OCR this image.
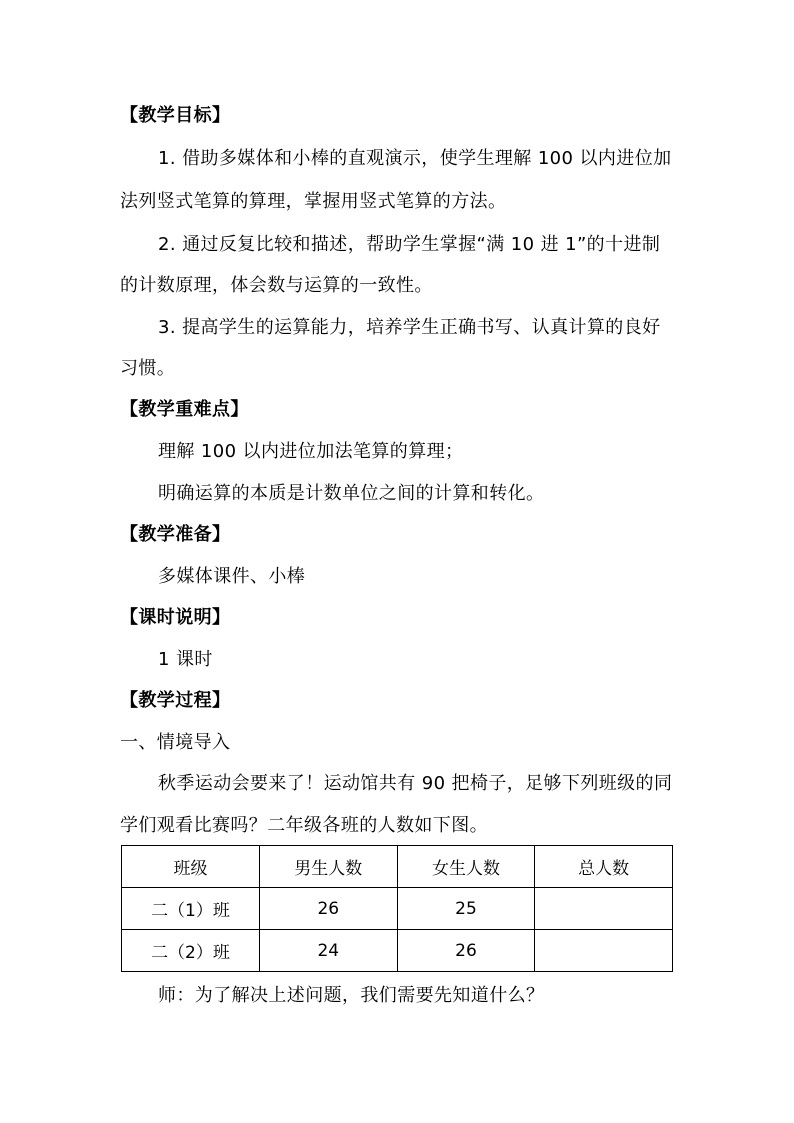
【教学目标】
1. 借助多媒体和小棒的直观演示，使学生理解 100 以内进位加
法列竖式笔算的算理，掌握用竖式笔算的方法。
2. 通过反复比较和描述，帮助学生掌握“满 10 进 1”的十进制
的计数原理，体会数与运算的一致性。
3. 提高学生的运算能力，培养学生正确书写、认真计算的良好
习惯。
【教学重难点】
理解 100 以内进位加法笔算的算理；
明确运算的本质是计数单位之间的计算和转化。
【教学准备】
多媒体课件、小棒
【课时说明】
1 课时
【教学过程】
一、情境导入
秋季运动会要来了！运动馆共有 90 把椅子，足够下列班级的同
学们观看比赛吗？二年级各班的人数如下图。
班级	男生人数	女生人数	总人数
二（1）班	26	25	
二（2）班	24	26	
师：为了解决上述问题，我们需要先知道什么？
